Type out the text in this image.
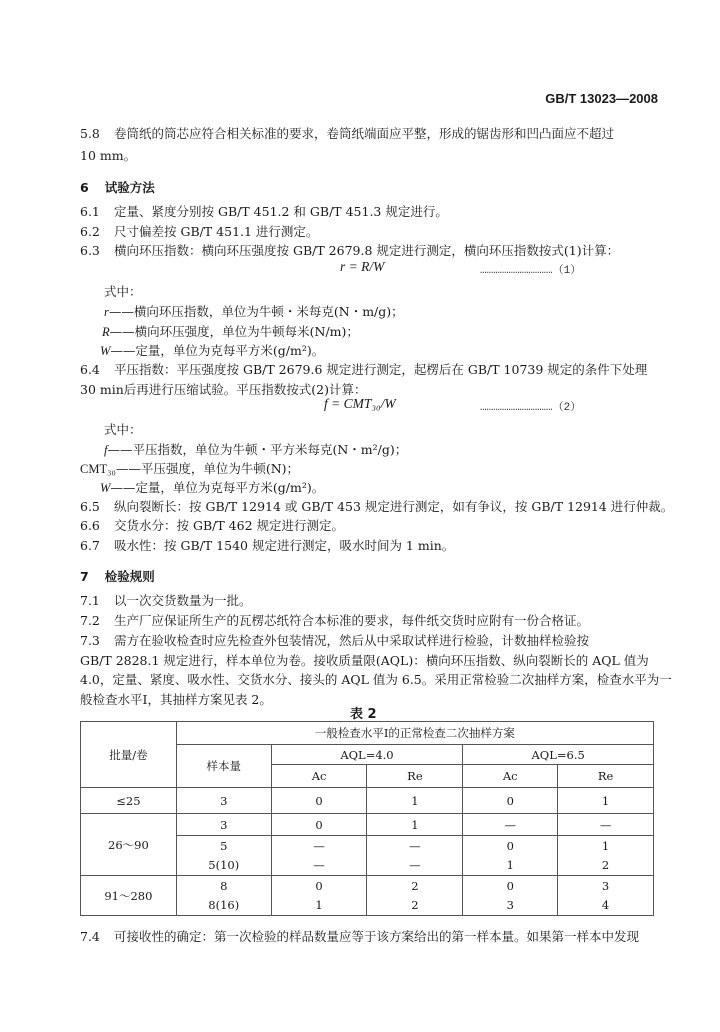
GB/T 13023—2008
5.8 卷筒纸的筒芯应符合相关标准的要求，卷筒纸端面应平整，形成的锯齿形和凹凸面应不超过
10 mm。
6 试验方法
6.1 定量、紧度分别按 GB/T 451.2 和 GB/T 451.3 规定进行。
6.2 尺寸偏差按 GB/T 451.1 进行测定。
6.3 横向环压指数：横向环压强度按 GB/T 2679.8 规定进行测定，横向环压指数按式(1)计算：
r = R/W	……………………………（1）
式中：
r——横向环压指数，单位为牛顿・米每克(N・m/g)；
R——横向环压强度，单位为牛顿每米(N/m)；
W——定量，单位为克每平方米(g/m²)。
6.4 平压指数：平压强度按 GB/T 2679.6 规定进行测定，起楞后在 GB/T 10739 规定的条件下处理
30 min后再进行压缩试验。平压指数按式(2)计算：
f = CMT₃₀/W	……………………………（2）
式中：
f——平压指数，单位为牛顿・平方米每克(N・m²/g)；
CMT₃₀——平压强度，单位为牛顿(N)；
W——定量，单位为克每平方米(g/m²)。
6.5 纵向裂断长：按 GB/T 12914 或 GB/T 453 规定进行测定，如有争议，按 GB/T 12914 进行仲裁。
6.6 交货水分：按 GB/T 462 规定进行测定。
6.7 吸水性：按 GB/T 1540 规定进行测定，吸水时间为 1 min。
7 检验规则
7.1 以一次交货数量为一批。
7.2 生产厂应保证所生产的瓦楞芯纸符合本标准的要求，每件纸交货时应附有一份合格证。
7.3 需方在验收检查时应先检查外包装情况，然后从中采取试样进行检验，计数抽样检验按
GB/T 2828.1 规定进行，样本单位为卷。接收质量限(AQL)：横向环压指数、纵向裂断长的 AQL 值为
4.0，定量、紧度、吸水性、交货水分、接头的 AQL 值为 6.5。采用正常检验二次抽样方案，检查水平为一
般检查水平Ⅰ，其抽样方案见表 2。
表 2
批量/卷	一般检查水平Ⅰ的正常检查二次抽样方案				
	样本量	AQL=4.0		AQL=6.5	
		Ac	Re	Ac	Re
≤25	3	0	1	0	1
26～90	3	0	1	—	—
	5	—	—	0	1
	5(10)	—	—	1	2
91～280	8	0	2	0	3
	8(16)	1	2	3	4
7.4 可接收性的确定：第一次检验的样品数量应等于该方案给出的第一样本量。如果第一样本中发现
